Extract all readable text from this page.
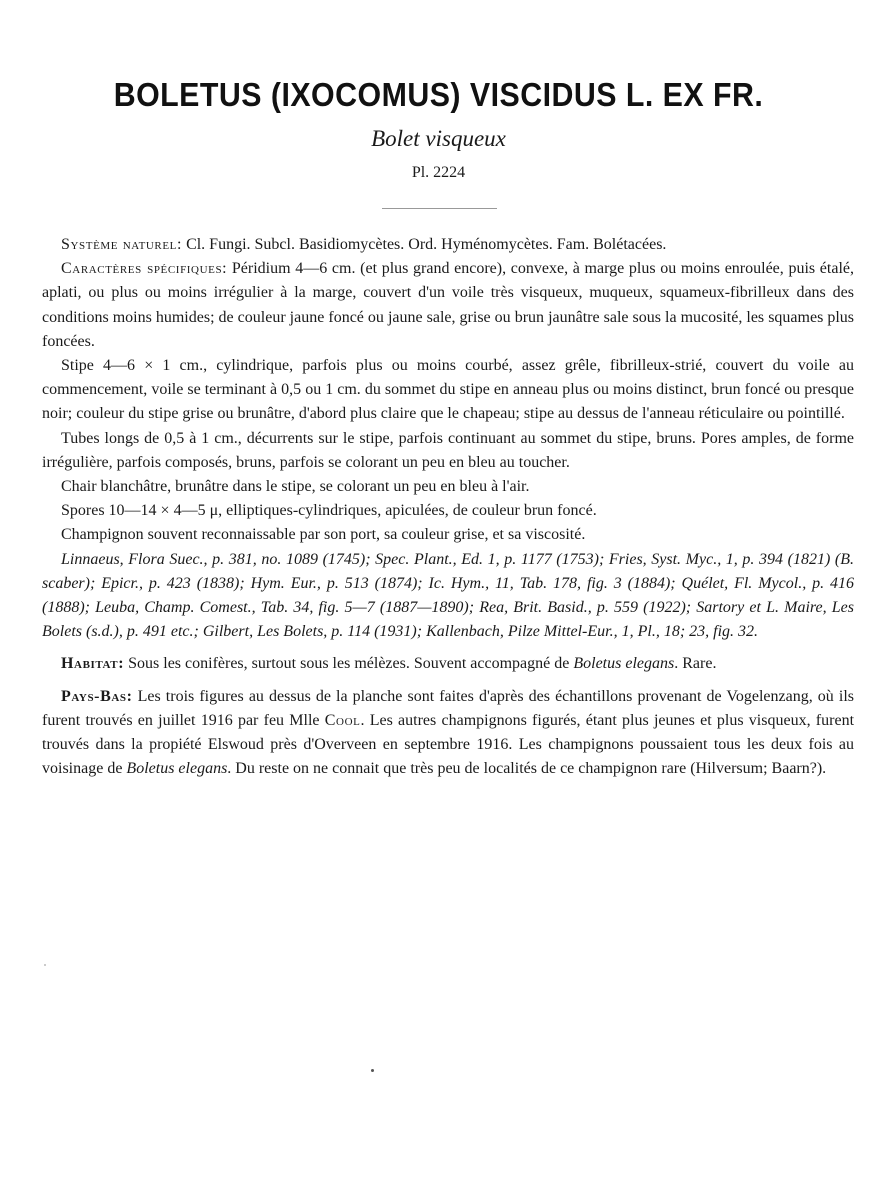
BOLETUS (IXOCOMUS) VISCIDUS L. EX FR.
Bolet visqueux
Pl. 2224

Système naturel: Cl. Fungi. Subcl. Basidiomycètes. Ord. Hyménomycètes. Fam. Bolétacées.

Caractères spécifiques: Péridium 4—6 cm. (et plus grand encore), convexe, à marge plus ou moins enroulée, puis étalé, aplati, ou plus ou moins irrégulier à la marge, couvert d'un voile très visqueux, muqueux, squameux-fibrilleux dans des conditions moins humides; de couleur jaune foncé ou jaune sale, grise ou brun jaunâtre sale sous la mucosité, les squames plus foncées.

Stipe 4—6 × 1 cm., cylindrique, parfois plus ou moins courbé, assez grêle, fibrilleux-strié, couvert du voile au commencement, voile se terminant à 0,5 ou 1 cm. du sommet du stipe en anneau plus ou moins distinct, brun foncé ou presque noir; couleur du stipe grise ou brunâtre, d'abord plus claire que le chapeau; stipe au dessus de l'anneau réticulaire ou pointillé.

Tubes longs de 0,5 à 1 cm., décurrents sur le stipe, parfois continuant au sommet du stipe, bruns. Pores amples, de forme irrégulière, parfois composés, bruns, parfois se colorant un peu en bleu au toucher.

Chair blanchâtre, brunâtre dans le stipe, se colorant un peu en bleu à l'air.

Spores 10—14 × 4—5 μ, elliptiques-cylindriques, apiculées, de couleur brun foncé.

Champignon souvent reconnaissable par son port, sa couleur grise, et sa viscosité.

Linnaeus, Flora Suec., p. 381, no. 1089 (1745); Spec. Plant., Ed. 1, p. 1177 (1753); Fries, Syst. Myc., 1, p. 394 (1821) (B. scaber); Epicr., p. 423 (1838); Hym. Eur., p. 513 (1874); Ic. Hym., 11, Tab. 178, fig. 3 (1884); Quélet, Fl. Mycol., p. 416 (1888); Leuba, Champ. Comest., Tab. 34, fig. 5—7 (1887—1890); Rea, Brit. Basid., p. 559 (1922); Sartory et L. Maire, Les Bolets (s.d.), p. 491 etc.; Gilbert, Les Bolets, p. 114 (1931); Kallenbach, Pilze Mittel-Eur., 1, Pl., 18; 23, fig. 32.

Habitat: Sous les conifères, surtout sous les mélèzes. Souvent accompagné de Boletus elegans. Rare.

Pays-Bas: Les trois figures au dessus de la planche sont faites d'après des échantillons provenant de Vogelenzang, où ils furent trouvés en juillet 1916 par feu Mlle Cool. Les autres champignons figurés, étant plus jeunes et plus visqueux, furent trouvés dans la propiété Elswoud près d'Overveen en septembre 1916. Les champignons poussaient tous les deux fois au voisinage de Boletus elegans. Du reste on ne connait que très peu de localités de ce champignon rare (Hilversum; Baarn?).
